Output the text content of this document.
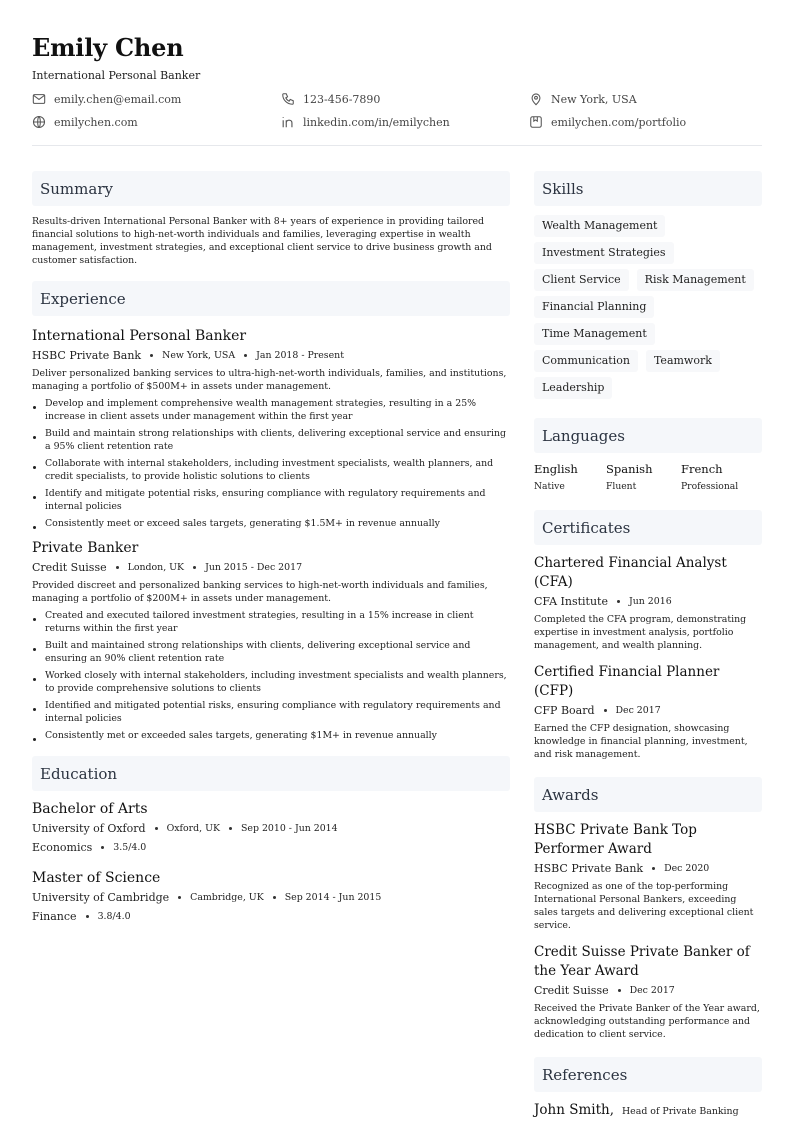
Emily Chen
International Personal Banker
emily.chen@email.com	123-456-7890	New York, USA
emilychen.com	linkedin.com/in/emilychen	emilychen.com/portfolio
Summary

Results-driven International Personal Banker with 8+ years of experience in providing tailored financial solutions to high-net-worth individuals and families, leveraging expertise in wealth management, investment strategies, and exceptional client service to drive business growth and customer satisfaction.

Experience
International Personal Banker
HSBC Private Bank New York, USA Jan 2018 - Present

Deliver personalized banking services to ultra-high-net-worth individuals, families, and institutions, managing a portfolio of $500M+ in assets under management.

Develop and implement comprehensive wealth management strategies, resulting in a 25% increase in client assets under management within the first year
Build and maintain strong relationships with clients, delivering exceptional service and ensuring a 95% client retention rate
Collaborate with internal stakeholders, including investment specialists, wealth planners, and credit specialists, to provide holistic solutions to clients
Identify and mitigate potential risks, ensuring compliance with regulatory requirements and internal policies
Consistently meet or exceed sales targets, generating $1.5M+ in revenue annually
Private Banker
Credit Suisse London, UK Jun 2015 - Dec 2017

Provided discreet and personalized banking services to high-net-worth individuals and families, managing a portfolio of $200M+ in assets under management.

Created and executed tailored investment strategies, resulting in a 15% increase in client returns within the first year
Built and maintained strong relationships with clients, delivering exceptional service and ensuring an 90% client retention rate
Worked closely with internal stakeholders, including investment specialists and wealth planners, to provide comprehensive solutions to clients
Identified and mitigated potential risks, ensuring compliance with regulatory requirements and internal policies
Consistently met or exceeded sales targets, generating $1M+ in revenue annually
Education
Bachelor of Arts
University of Oxford Oxford, UK Sep 2010 - Jun 2014
Economics 3.5/4.0
Master of Science
University of Cambridge Cambridge, UK Sep 2014 - Jun 2015
Finance 3.8/4.0
Skills
Wealth Management
Investment Strategies
Client Service	Risk Management
Financial Planning
Time Management
Communication	Teamwork
Leadership
Languages
English
Native
Spanish
Fluent
French
Professional
Certificates
Chartered Financial Analyst (CFA)
CFA Institute Jun 2016

Completed the CFA program, demonstrating expertise in investment analysis, portfolio management, and wealth planning.

Certified Financial Planner (CFP)
CFP Board Dec 2017

Earned the CFP designation, showcasing knowledge in financial planning, investment, and risk management.

Awards
HSBC Private Bank Top Performer Award
HSBC Private Bank Dec 2020

Recognized as one of the top-performing International Personal Bankers, exceeding sales targets and delivering exceptional client service.

Credit Suisse Private Banker of the Year Award
Credit Suisse Dec 2017

Received the Private Banker of the Year award, acknowledging outstanding performance and dedication to client service.

References
John Smith, Head of Private Banking
